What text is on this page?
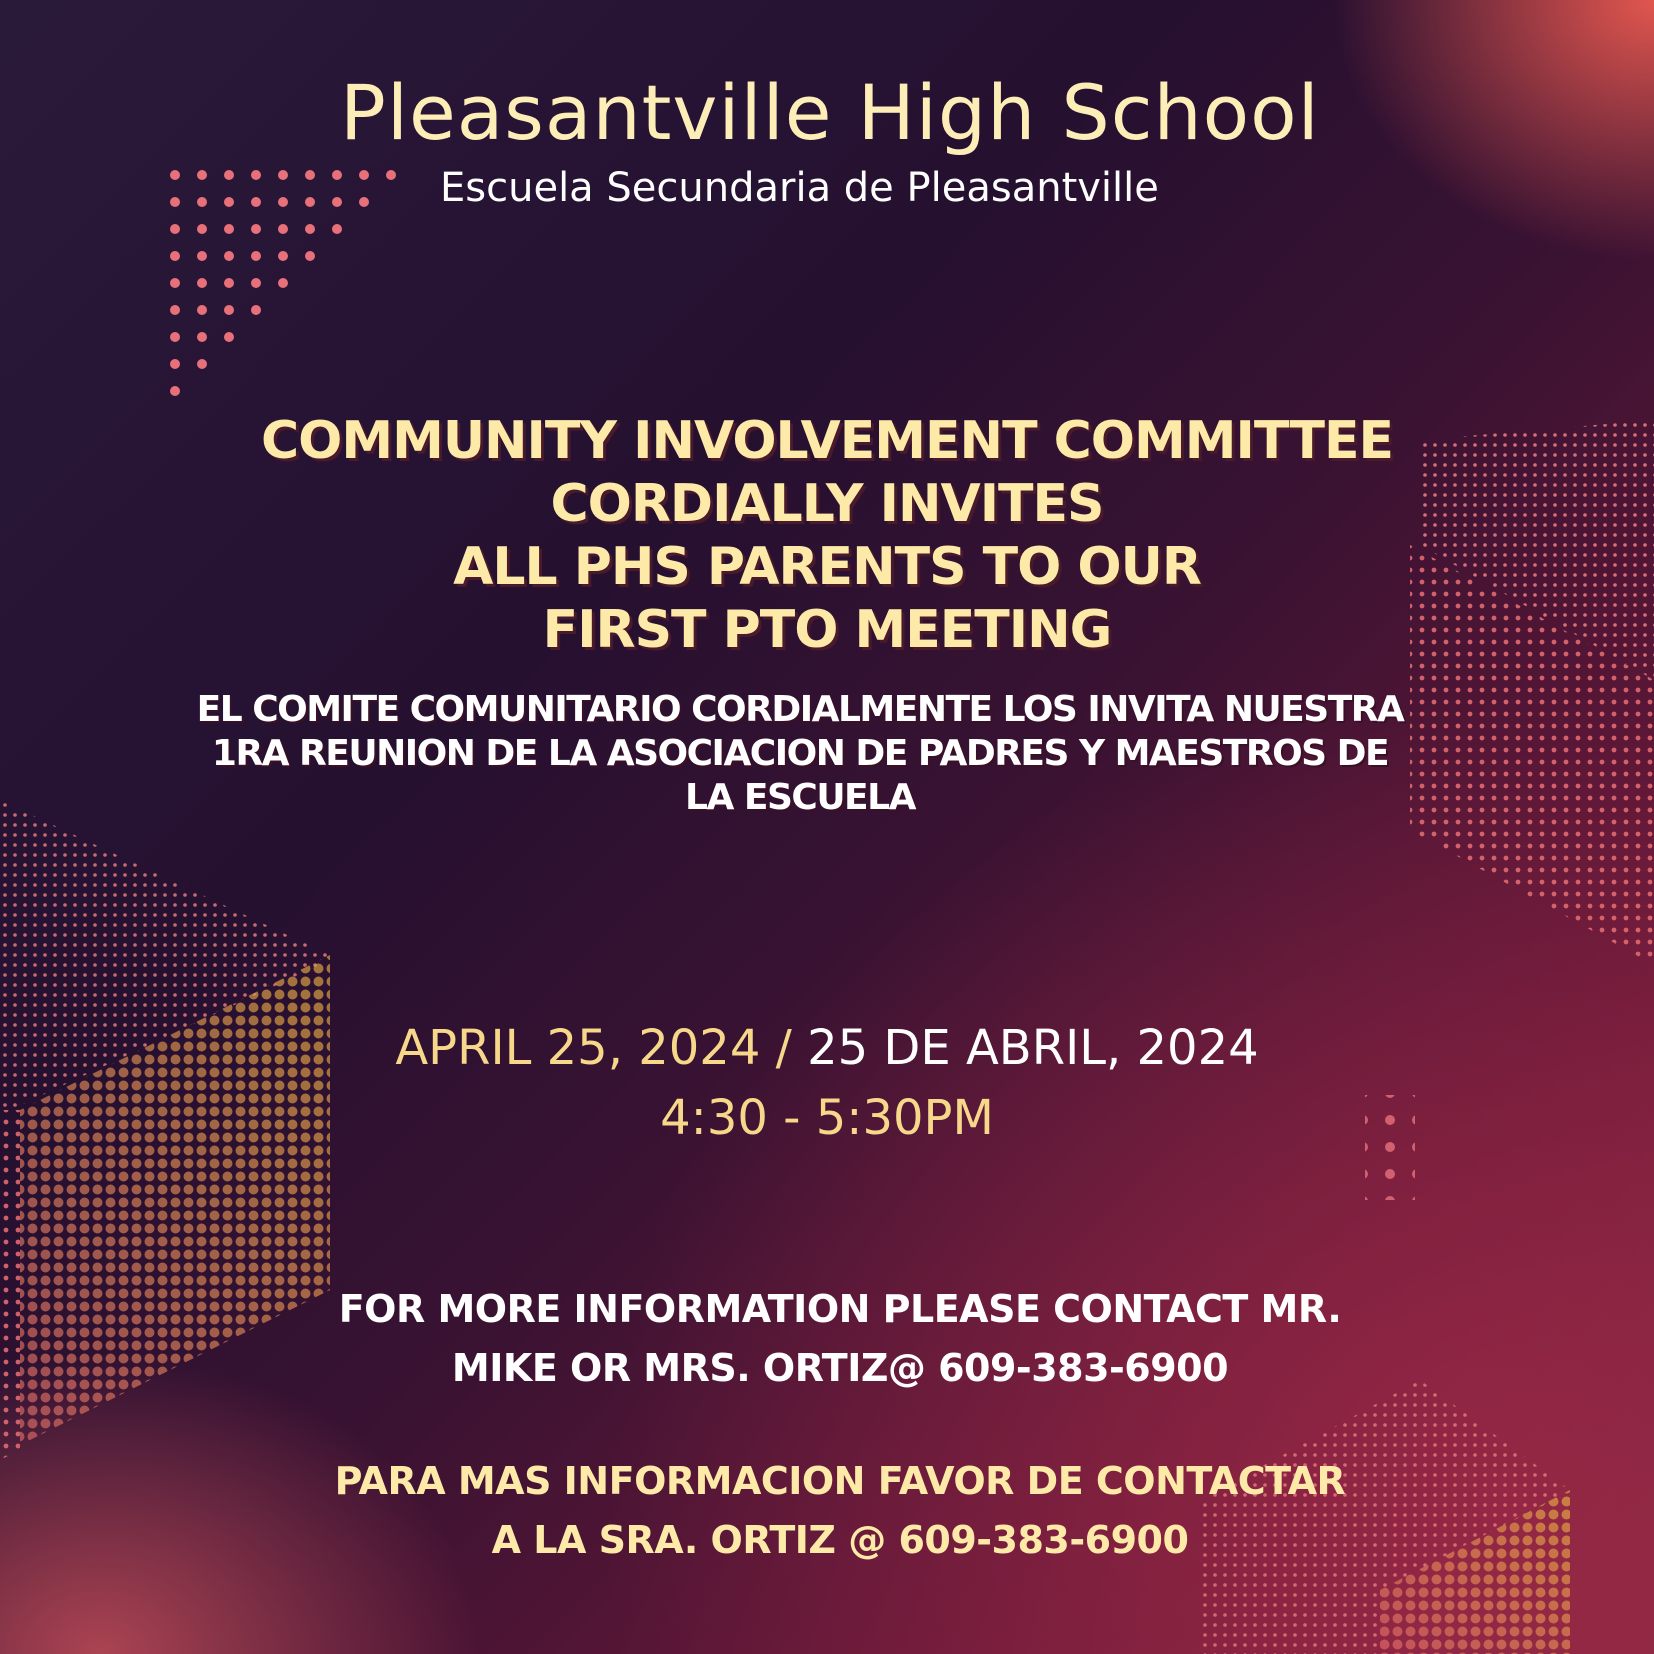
Pleasantville High School
Escuela Secundaria de Pleasantville
COMMUNITY INVOLVEMENT COMMITTEE
CORDIALLY INVITES
ALL PHS PARENTS TO OUR
FIRST PTO MEETING
EL COMITE COMUNITARIO CORDIALMENTE LOS INVITA NUESTRA
1RA REUNION DE LA ASOCIACION DE PADRES Y MAESTROS DE
LA ESCUELA
APRIL 25, 2024 / 25 DE ABRIL, 2024
4:30 - 5:30PM
FOR MORE INFORMATION PLEASE CONTACT MR.
MIKE OR MRS. ORTIZ@ 609-383-6900
PARA MAS INFORMACION FAVOR DE CONTACTAR
A LA SRA. ORTIZ @ 609-383-6900
